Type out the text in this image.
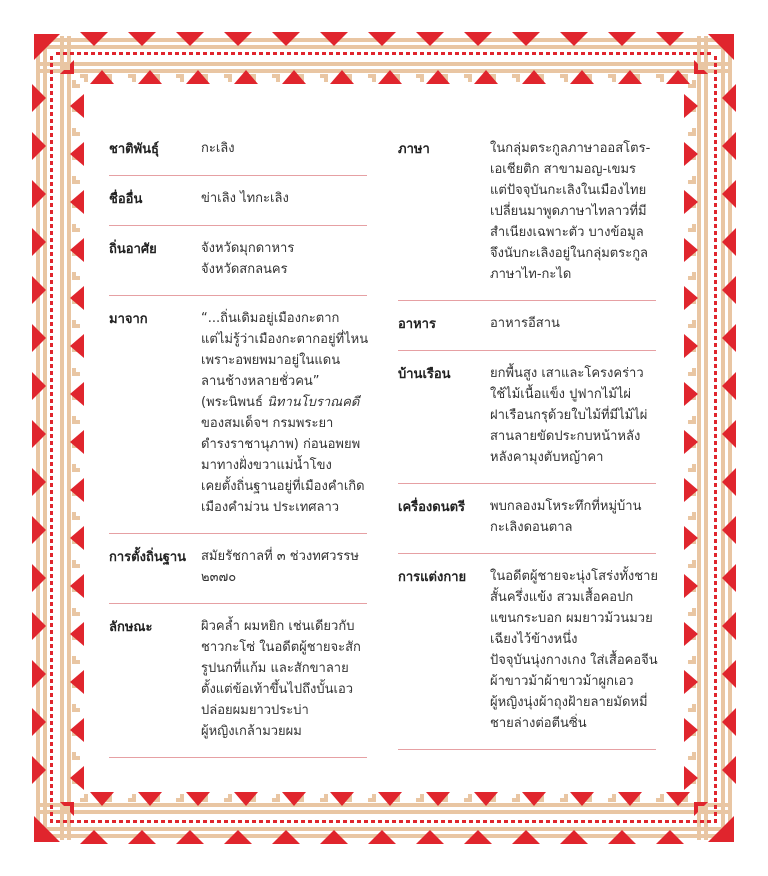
ชาติพันธุ์	กะเลิง
ชื่ออื่น	ข่าเลิง ไทกะเลิง
ถิ่นอาศัย	จังหวัดมุกดาหาร
จังหวัดสกลนคร
มาจาก	“...ถิ่นเดิมอยู่เมืองกะตาก
แต่ไม่รู้ว่าเมืองกะตากอยู่ที่ไหน
เพราะอพยพมาอยู่ในแดน
ลานช้างหลายชั่วคน”
(พระนิพนธ์ นิทานโบราณคดี
ของสมเด็จฯ กรมพระยา
ดำรงราชานุภาพ) ก่อนอพยพ
มาทางฝั่งขวาแม่น้ำโขง
เคยตั้งถิ่นฐานอยู่ที่เมืองคำเกิด
เมืองคำม่วน ประเทศลาว
การตั้งถิ่นฐาน	สมัยรัชกาลที่ ๓ ช่วงทศวรรษ
๒๓๗๐
ลักษณะ	ผิวคล้ำ ผมหยิก เช่นเดียวกับ
ชาวกะโซ่ ในอดีตผู้ชายจะสัก
รูปนกที่แก้ม และสักขาลาย
ตั้งแต่ข้อเท้าขึ้นไปถึงบั้นเอว
ปล่อยผมยาวประบ่า
ผู้หญิงเกล้ามวยผม
ภาษา	ในกลุ่มตระกูลภาษาออสโตร-
เอเชียติก สาขามอญ-เขมร
แต่ปัจจุบันกะเลิงในเมืองไทย
เปลี่ยนมาพูดภาษาไทลาวที่มี
สำเนียงเฉพาะตัว บางข้อมูล
จึงนับกะเลิงอยู่ในกลุ่มตระกูล
ภาษาไท-กะได
อาหาร	อาหารอีสาน
บ้านเรือน	ยกพื้นสูง เสาและโครงคร่าว
ใช้ไม้เนื้อแข็ง ปูฟากไม้ไผ่
ฝาเรือนกรุด้วยใบไม้ที่มีไม้ไผ่
สานลายขัดประกบหน้าหลัง
หลังคามุงตับหญ้าคา
เครื่องดนตรี	พบกลองมโหระทึกที่หมู่บ้าน
กะเลิงดอนตาล
การแต่งกาย	ในอดีตผู้ชายจะนุ่งโสร่งทั้งชาย
สั้นครึ่งแข้ง สวมเสื้อคอปก
แขนกระบอก ผมยาวม้วนมวย
เฉียงไว้ข้างหนึ่ง
ปัจจุบันนุ่งกางเกง ใส่เสื้อคอจีน
ผ้าขาวม้าผ้าขาวม้าผูกเอว
ผู้หญิงนุ่งผ้าถุงฝ้ายลายมัดหมี่
ชายล่างต่อตีนซิ่น
